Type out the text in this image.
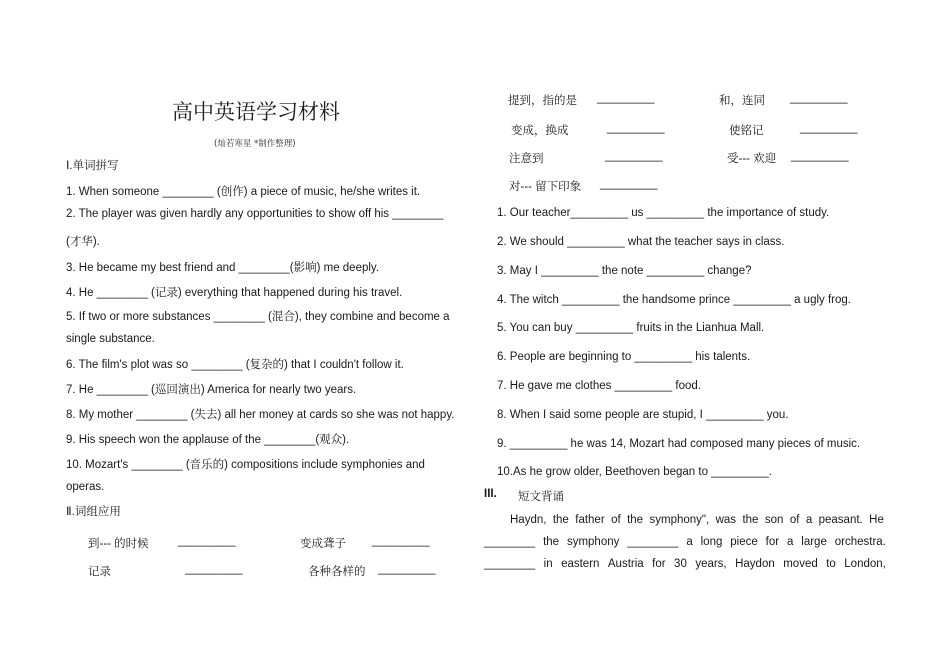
高中英语学习材料
(灿若寒星 *制作整理)
Ⅰ.单词拼写
1. When someone ________ (创作) a piece of music, he/she writes it.
2. The player was given hardly any opportunities to show off his ________
(才华).
3. He became my best friend and ________(影响) me deeply.
4. He ________ (记录) everything that happened during his travel.
5. If two or more substances ________ (混合), they combine and become a
single substance.
6. The film's plot was so ________ (复杂的) that I couldn't follow it.
7. He ________ (巡回演出) America for nearly two years.
8. My mother ________ (失去) all her money at cards so she was not happy.
9. His speech won the applause of the ________(观众).
10. Mozart's ________ (音乐的) compositions include symphonies and
operas.
Ⅱ.词组应用
到--- 的时候	_________	变成聋子 _________
记录	_________	各种各样的 _________
提到，指的是 _________	和，连同 _________
变成，换成	_________	使铭记	_________
注意到	_________	受--- 欢迎 _________
对--- 留下印象 _________
1. Our teacher_________ us _________ the importance of study.
2. We should _________ what the teacher says in class.
3. May I _________ the note _________ change?
4. The witch _________ the handsome prince _________ a ugly frog.
5. You can buy _________ fruits in the Lianhua Mall.
6. People are beginning to _________ his talents.
7. He gave me clothes _________ food.
8. When I said some people are stupid, I _________ you.
9. _________ he was 14, Mozart had composed many pieces of music.
10.As he grow older, Beethoven began to _________.
III. 短文背诵
Haydn, the father of the symphony", was the son of a peasant. He
________ the symphony ________ a long piece for a large orchestra.
________ in eastern Austria for 30 years, Haydon moved to London,
